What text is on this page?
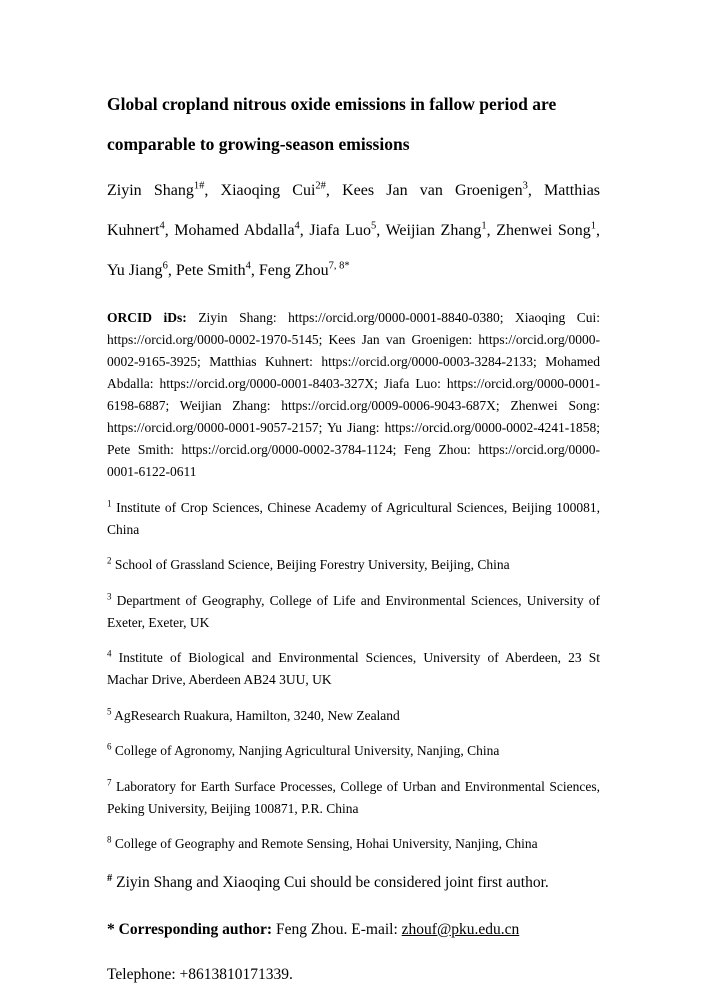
Global cropland nitrous oxide emissions in fallow period are
comparable to growing-season emissions

Ziyin Shang$^{1\#}$, Xiaoqing Cui$^{2\#}$, Kees Jan van Groenigen$^3$, Matthias Kuhnert$^4$, Mohamed Abdalla$^4$, Jiafa Luo$^5$, Weijian Zhang$^1$, Zhenwei Song$^1$, Yu Jiang$^6$, Pete Smith$^4$, Feng Zhou$^{7, 8*}$

ORCID iDs: Ziyin Shang: https://orcid.org/0000-0001-8840-0380; Xiaoqing Cui: https://orcid.org/0000-0002-1970-5145; Kees Jan van Groenigen: https://orcid.org/0000-0002-9165-3925; Matthias Kuhnert: https://orcid.org/0000-0003-3284-2133; Mohamed Abdalla: https://orcid.org/0000-0001-8403-327X; Jiafa Luo: https://orcid.org/0000-0001-6198-6887; Weijian Zhang: https://orcid.org/0009-0006-9043-687X; Zhenwei Song: https://orcid.org/0000-0001-9057-2157; Yu Jiang: https://orcid.org/0000-0002-4241-1858; Pete Smith: https://orcid.org/0000-0002-3784-1124; Feng Zhou: https://orcid.org/0000-0001-6122-0611

$^1$ Institute of Crop Sciences, Chinese Academy of Agricultural Sciences, Beijing 100081, China

$^2$ School of Grassland Science, Beijing Forestry University, Beijing, China

$^3$ Department of Geography, College of Life and Environmental Sciences, University of Exeter, Exeter, UK

$^4$ Institute of Biological and Environmental Sciences, University of Aberdeen, 23 St Machar Drive, Aberdeen AB24 3UU, UK

$^5$ AgResearch Ruakura, Hamilton, 3240, New Zealand

$^6$ College of Agronomy, Nanjing Agricultural University, Nanjing, China

$^7$ Laboratory for Earth Surface Processes, College of Urban and Environmental Sciences, Peking University, Beijing 100871, P.R. China

$^8$ College of Geography and Remote Sensing, Hohai University, Nanjing, China

# Ziyin Shang and Xiaoqing Cui should be considered joint first author.

* Corresponding author: Feng Zhou. E-mail: zhouf@pku.edu.cn

Telephone: +8613810171339.
